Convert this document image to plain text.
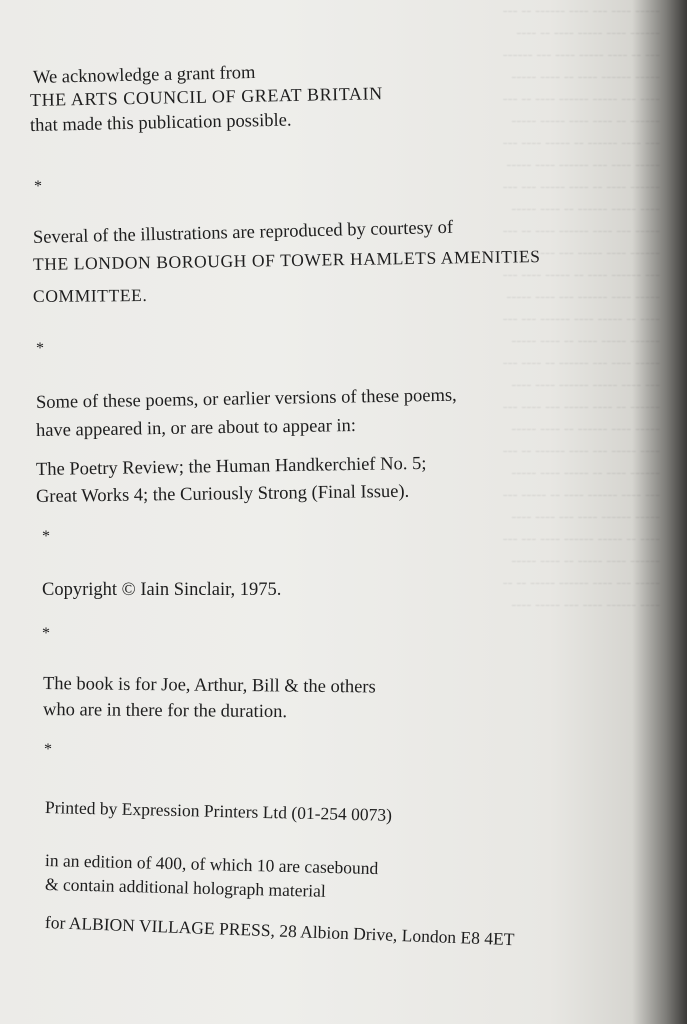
----- ---- --- ---- ------ -- ---
------ ---- ----- ---- -- ----
--- -- ---- ----- ---- --- ------
----- ------ ---- -- ---- -----
---- --- ----- ------ ---- -- ---
------ -- ---- ---- ----- -----
--- ---- ------ -- ----- ---- ---
----- ---- --- ------ ---- -----
------ ---- -- ---- ----- --- ---
---- ----- ------ -- ---- -----
----- --- ---- ------ ---- -- ---
------ ---- ----- --- ---- ----
--- ------ ---- -- ----- ---- ---
----- ---- ------ --- ---- -----
---- -- ----- ---- ------ --- ---
------ ----- ---- -- ---- -----
----- ---- --- ------ -- ---- ---
--- ---- ----- ------ ---- ----
------ -- ---- ----- --- ---- ---
----- ---- ------ -- ---- -----
---- ----- --- ---- ------ -- ---
------ ---- -- ----- ---- -----
--- ---- ------ ---- -- ----- ---
----- ------ ---- --- ---- ----
---- -- ----- ------ ---- --- ---
------ ---- ----- -- ---- -----
----- --- ---- ------ ----- -- --
---- ------ ---- --- ----- ----
We acknowledge a grant from
THE ARTS COUNCIL OF GREAT BRITAIN
that made this publication possible.
*
Several of the illustrations are reproduced by courtesy of
THE LONDON BOROUGH OF TOWER HAMLETS AMENITIES
COMMITTEE.
*
Some of these poems, or earlier versions of these poems,
have appeared in, or are about to appear in:
The Poetry Review; the Human Handkerchief No. 5;
Great Works 4; the Curiously Strong (Final Issue).
*
Copyright © Iain Sinclair, 1975.
*
The book is for Joe, Arthur, Bill & the others
who are in there for the duration.
*
Printed by Expression Printers Ltd (01-254 0073)
in an edition of 400, of which 10 are casebound
& contain additional holograph material
for ALBION VILLAGE PRESS, 28 Albion Drive, London E8 4ET
